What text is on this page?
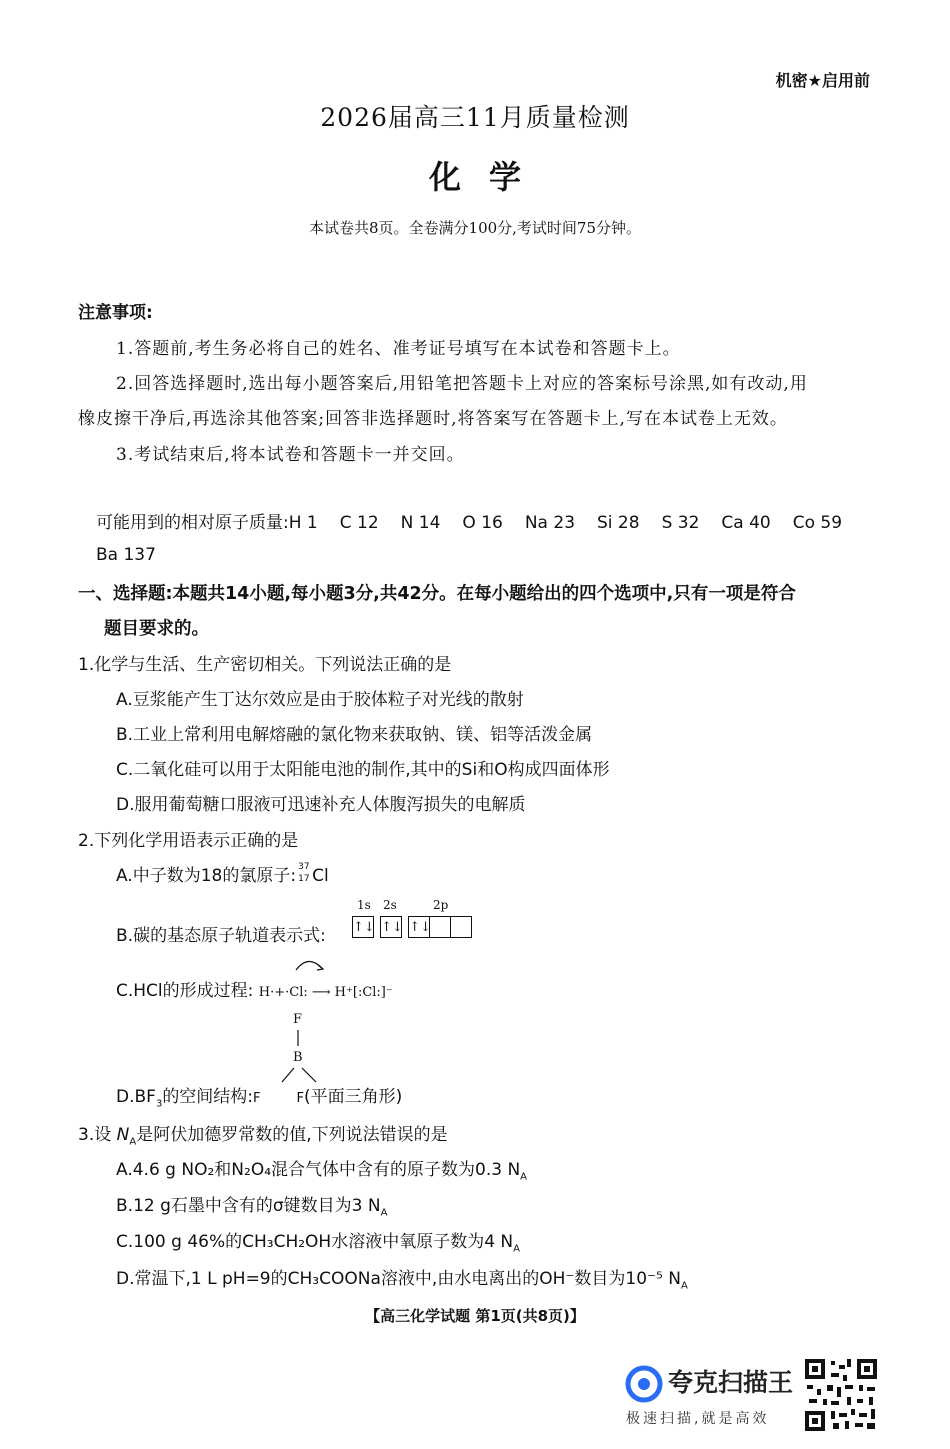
机密★启用前
2026届高三11月质量检测
化学
本试卷共8页。全卷满分100分,考试时间75分钟。
注意事项:
1.答题前,考生务必将自己的姓名、准考证号填写在本试卷和答题卡上。
2.回答选择题时,选出每小题答案后,用铅笔把答题卡上对应的答案标号涂黑,如有改动,用
橡皮擦干净后,再选涂其他答案;回答非选择题时,将答案写在答题卡上,写在本试卷上无效。
3.考试结束后,将本试卷和答题卡一并交回。
可能用到的相对原子质量:H 1 C 12 N 14 O 16 Na 23 Si 28 S 32 Ca 40 Co 59
Ba 137
一、选择题:本题共14小题,每小题3分,共42分。在每小题给出的四个选项中,只有一项是符合
题目要求的。
1.化学与生活、生产密切相关。下列说法正确的是
A.豆浆能产生丁达尔效应是由于胶体粒子对光线的散射
B.工业上常利用电解熔融的氯化物来获取钠、镁、铝等活泼金属
C.二氧化硅可以用于太阳能电池的制作,其中的Si和O构成四面体形
D.服用葡萄糖口服液可迅速补充人体腹泻损失的电解质
2.下列化学用语表示正确的是
A.中子数为18的氯原子: 37
17 Cl
B.碳的基态原子轨道表示式:
1s 2s	2p
↑↓ ↑↓ ↑↓
C.HCl的形成过程: H·+·Cl: ⟶ H⁺[:Cl:]⁻
F
B
$D.BF_3$的空间结构:F	F(平面三角形)
3.设 $N_A$是阿伏加德罗常数的值,下列说法错误的是
A.4.6 g NO₂和N₂O₄混合气体中含有的原子数为0.3 $N_A$
B.12 g石墨中含有的σ键数目为3 $N_A$
C.100 g 46%的CH₃CH₂OH水溶液中氧原子数为4 $N_A$
D.常温下,1 L pH=9的CH₃COONa溶液中,由水电离出的OH⁻数目为10⁻⁵ $N_A$
【高三化学试题 第1页(共8页)】
夸克扫描王
极速扫描,就是高效
